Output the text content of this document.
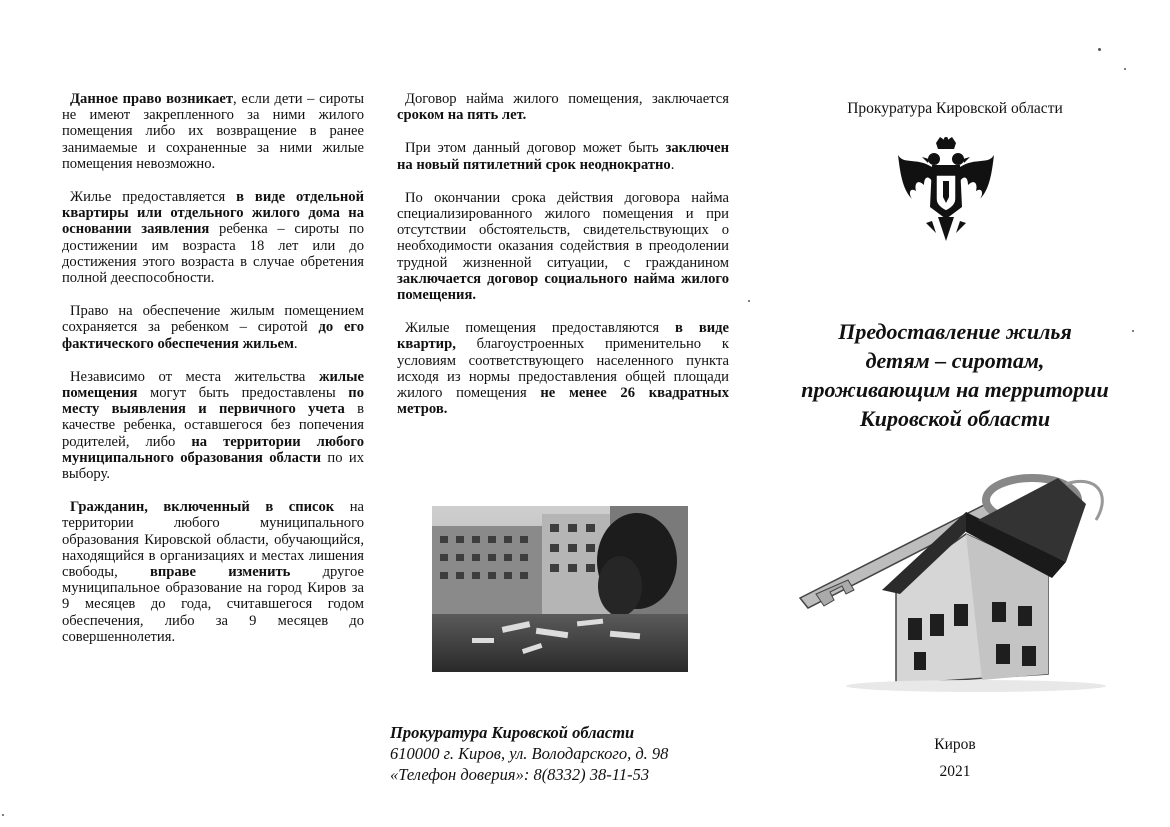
Данное право возникает, если дети – сироты не имеют закрепленного за ними жилого помещения либо их возвращение в ранее занимаемые и сохраненные за ними жилые помещения невозможно.

Жилье предоставляется в виде отдельной квартиры или отдельного жилого дома на основании заявления ребенка – сироты по достижении им возраста 18 лет или до достижения этого возраста в случае обретения полной дееспособности.

Право на обеспечение жилым помещением сохраняется за ребенком – сиротой до его фактического обеспечения жильем.

Независимо от места жительства жилые помещения могут быть предоставлены по месту выявления и первичного учета в качестве ребенка, оставшегося без попечения родителей, либо на территории любого муниципального образования области по их выбору.

Гражданин, включенный в список на территории любого муниципального образования Кировской области, обучающийся, находящийся в организациях и местах лишения свободы, вправе изменить другое муниципальное образование на город Киров за 9 месяцев до года, считавшегося годом обеспечения, либо за 9 месяцев до совершеннолетия.

Договор найма жилого помещения, заключается сроком на пять лет.

При этом данный договор может быть заключен на новый пятилетний срок неоднократно.

По окончании срока действия договора найма специализированного жилого помещения и при отсутствии обстоятельств, свидетельствующих о необходимости оказания содействия в преодолении трудной жизненной ситуации, с гражданином заключается договор социального найма жилого помещения.

Жилые помещения предоставляются в виде квартир, благоустроенных применительно к условиям соответствующего населенного пункта исходя из нормы предоставления общей площади жилого помещения не менее 26 квадратных метров.

Прокуратура Кировской области
610000 г. Киров, ул. Володарского, д. 98
«Телефон доверия»: 8(8332) 38-11-53
Прокуратура Кировской области
Предоставление жилья
детям – сиротам,
проживающим на территории
Кировской области
Киров
2021
